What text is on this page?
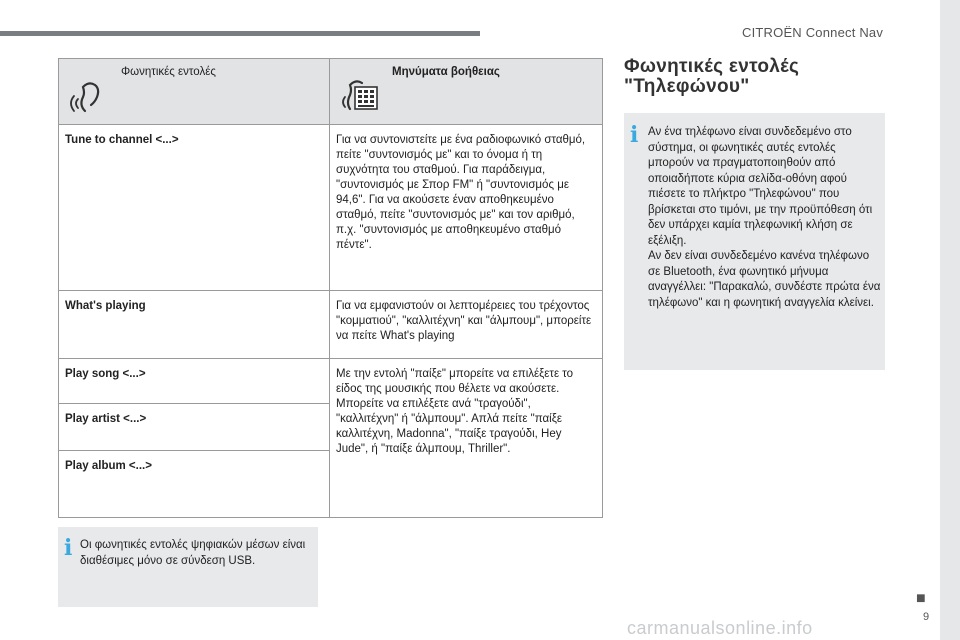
CITROËN Connect Nav
Φωνητικές εντολές	Μηνύματα βοήθειας

Tune to channel <...>	Για να συντονιστείτε με ένα ραδιοφωνικό σταθμό, πείτε "συντονισμός με" και το όνομα ή τη συχνότητα του σταθμού. Για παράδειγμα, "συντονισμός με Σπορ FM" ή "συντονισμός με 94,6". Για να ακούσετε έναν αποθηκευμένο σταθμό, πείτε "συντονισμός με" και τον αριθμό, π.χ. "συντονισμός με αποθηκευμένο σταθμό πέντε".
What's playing	Για να εμφανιστούν οι λεπτομέρειες του τρέχοντος "κομματιού", "καλλιτέχνη" και "άλμπουμ", μπορείτε να πείτε What's playing
Play song <...>	Με την εντολή "παίξε" μπορείτε να επιλέξετε το είδος της μουσικής που θέλετε να ακούσετε. Μπορείτε να επιλέξετε ανά "τραγούδι", "καλλιτέχνη" ή "άλμπουμ". Απλά πείτε "παίξε καλλιτέχνη, Madonna", "παίξε τραγούδι, Hey Jude", ή "παίξε άλμπουμ, Thriller".
Play artist <...>	
Play album <...>	
i Οι φωνητικές εντολές ψηφιακών μέσων είναι διαθέσιμες μόνο σε σύνδεση USB.
Φωνητικές εντολές "Τηλεφώνου"
i Αν ένα τηλέφωνο είναι συνδεδεμένο στο σύστημα, οι φωνητικές αυτές εντολές μπορούν να πραγματοποιηθούν από οποιαδήποτε κύρια σελίδα-οθόνη αφού πιέσετε το πλήκτρο "Τηλεφώνου" που βρίσκεται στο τιμόνι, με την προϋπόθεση ότι δεν υπάρχει καμία τηλεφωνική κλήση σε εξέλιξη.
Αν δεν είναι συνδεδεμένο κανένα τηλέφωνο σε Bluetooth, ένα φωνητικό μήνυμα αναγγέλλει: "Παρακαλώ, συνδέστε πρώτα ένα τηλέφωνο" και η φωνητική αναγγελία κλείνει.
■
9
carmanualsonline.info
